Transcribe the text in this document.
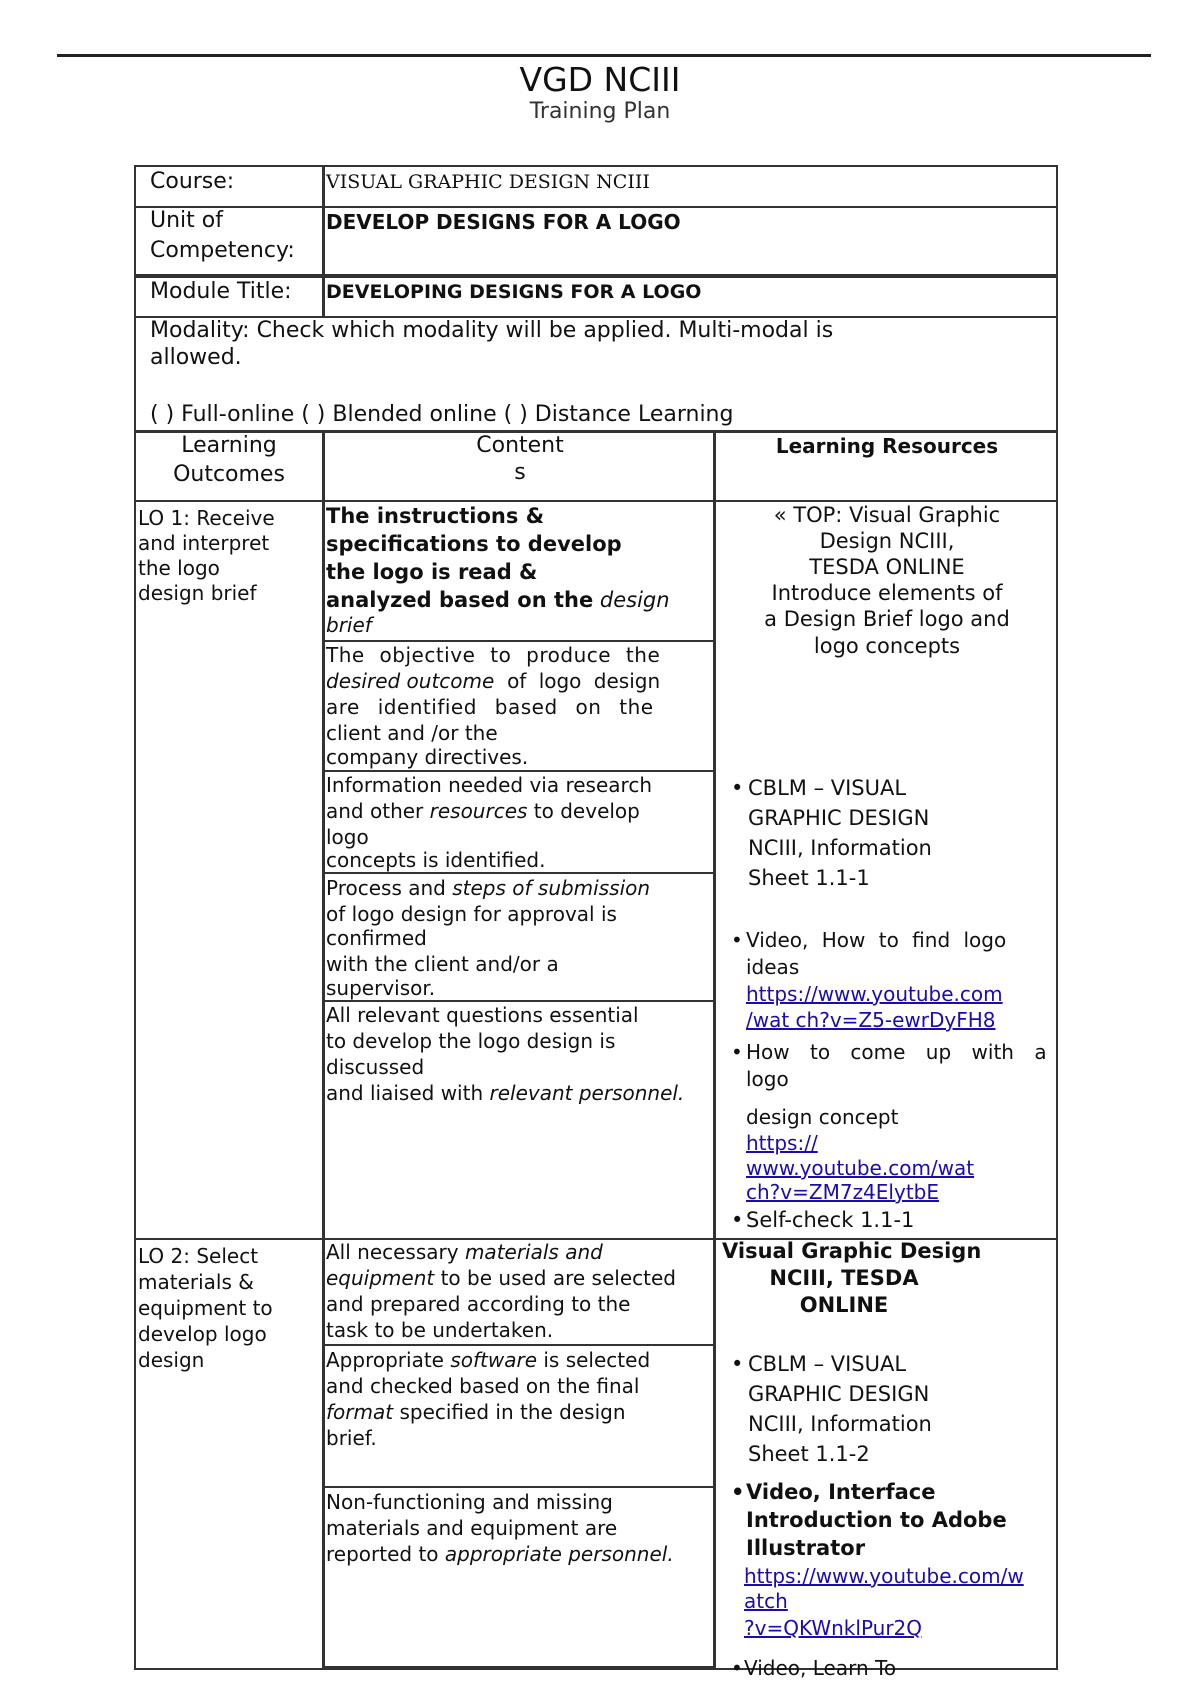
VGD NCIII
Training Plan
Course:	VISUAL GRAPHIC DESIGN NCIII
Unit of
Competency:
DEVELOP DESIGNS FOR A LOGO
Module Title: DEVELOPING DESIGNS FOR A LOGO
Modality: Check which modality will be applied. Multi-modal is
allowed.
( ) Full-online ( ) Blended online ( ) Distance Learning
Learning
Outcomes
Content
s
Learning Resources
LO 1: Receive
and interpret
the logo
design brief
The instructions &
specifications to develop
the logo is read &
analyzed based on the design
brief
The objective to produce the
desired outcome of logo design
are identified based on the
client and /or the
company directives.
Information needed via research
and other resources to develop
logo
concepts is identified.
Process and steps of submission
of logo design for approval is
confirmed
with the client and/or a
supervisor.
All relevant questions essential
to develop the logo design is
discussed
and liaised with relevant personnel.
« TOP: Visual Graphic
Design NCIII,
TESDA ONLINE
Introduce elements of
a Design Brief logo and
logo concepts
• CBLM – VISUAL
GRAPHIC DESIGN
NCIII, Information
Sheet 1.1-1
• Video, How to find logo
ideas
https://www.youtube.com
/wat ch?v=Z5-ewrDyFH8
• How to come up with a
logo
design concept
https://
www.youtube.com/wat
ch?v=ZM7z4ElytbE
• Self-check 1.1-1
LO 2: Select
materials &
equipment to
develop logo
design
All necessary materials and
equipment to be used are selected
and prepared according to the
task to be undertaken.
Appropriate software is selected
and checked based on the final
format specified in the design
brief.
Non-functioning and missing
materials and equipment are
reported to appropriate personnel.
Visual Graphic Design
NCIII, TESDA
ONLINE
• CBLM – VISUAL
GRAPHIC DESIGN
NCIII, Information
Sheet 1.1-2
• Video, Interface
Introduction to Adobe
Illustrator
https://www.youtube.com/w
atch
?v=QKWnklPur2Q
• Video, Learn To
